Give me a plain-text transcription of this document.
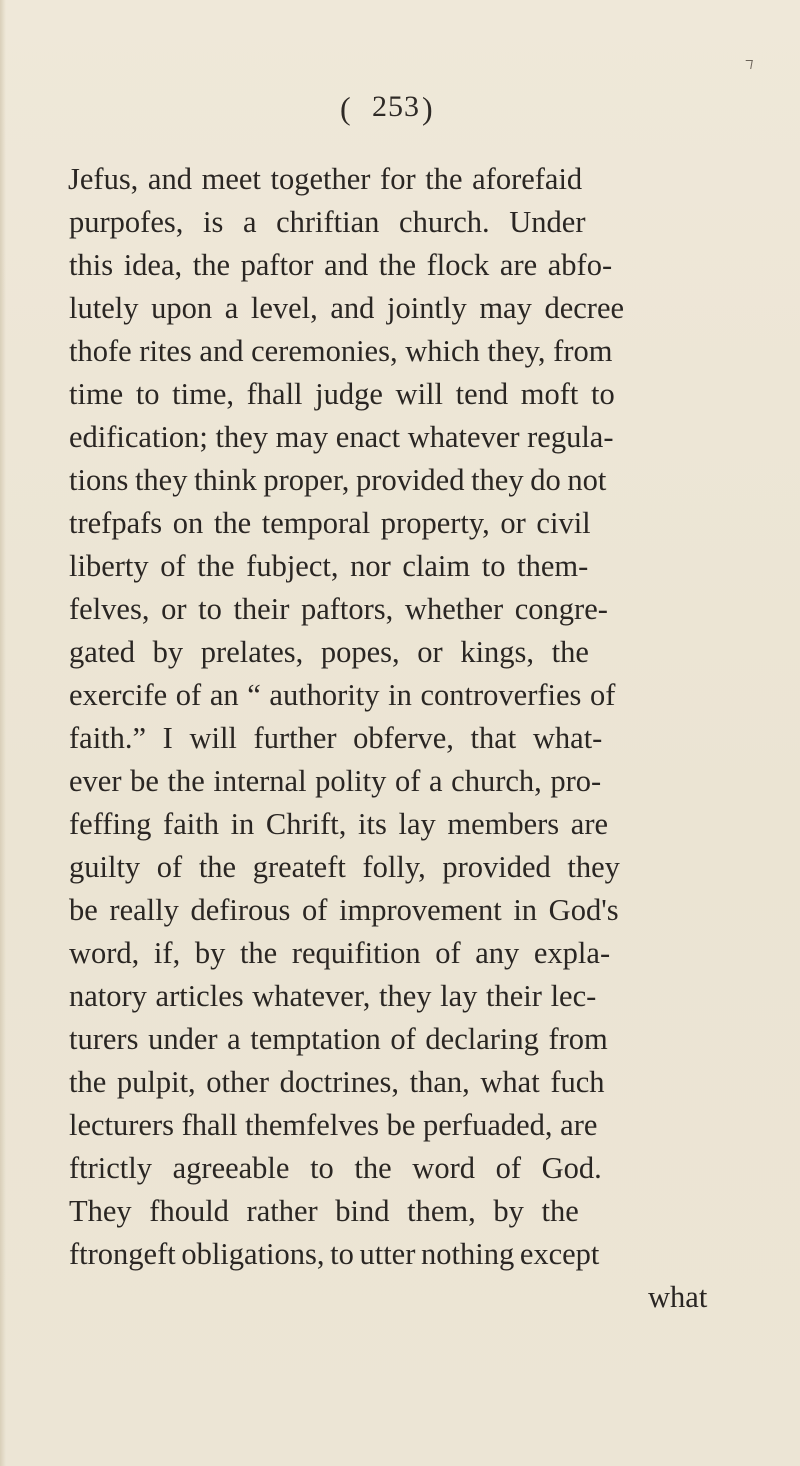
( 253 )
Jefus, and meet together for the aforefaid
purpofes, is a chriftian church. Under
this idea, the paftor and the flock are abfo-
lutely upon a level, and jointly may decree
thofe rites and ceremonies, which they, from
time to time, fhall judge will tend moft to
edification; they may enact whatever regula-
tions they think proper, provided they do not
trefpafs on the temporal property, or civil
liberty of the fubject, nor claim to them-
felves, or to their paftors, whether congre-
gated by prelates, popes, or kings, the
exercife of an “ authority in controverfies of
faith.” I will further obferve, that what-
ever be the internal polity of a church, pro-
feffing faith in Chrift, its lay members are
guilty of the greateft folly, provided they
be really defirous of improvement in God's
word, if, by the requifition of any expla-
natory articles whatever, they lay their lec-
turers under a temptation of declaring from
the pulpit, other doctrines, than, what fuch
lecturers fhall themfelves be perfuaded, are
ftrictly agreeable to the word of God.
They fhould rather bind them, by the
ftrongeft obligations, to utter nothing except
what
